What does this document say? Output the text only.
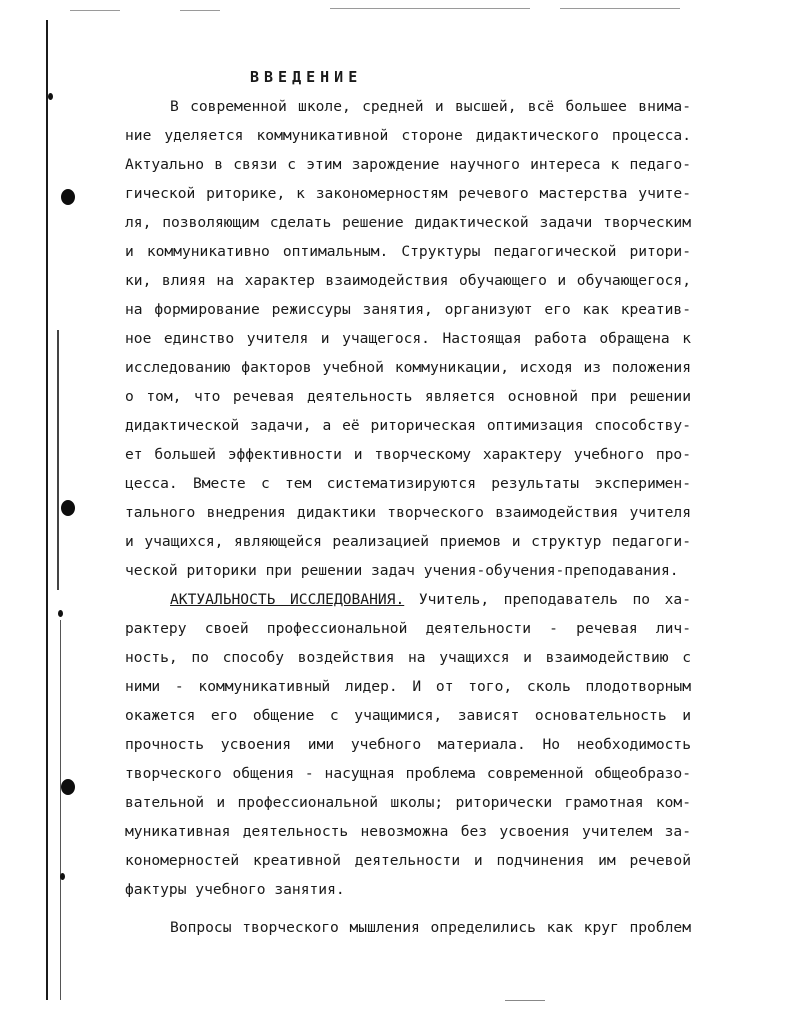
ВВЕДЕНИЕ
В современной школе, средней и высшей, всё большее внима-
ние уделяется коммуникативной стороне дидактического процесса.
Актуально в связи с этим зарождение научного интереса к педаго-
гической риторике, к закономерностям речевого мастерства учите-
ля, позволяющим сделать решение дидактической задачи творческим
и коммуникативно оптимальным. Структуры педагогической ритори-
ки, влияя на характер взаимодействия обучающего и обучающегося,
на формирование режиссуры занятия, организуют его как креатив-
ное единство учителя и учащегося. Настоящая работа обращена к
исследованию факторов учебной коммуникации, исходя из положения
о том, что речевая деятельность является основной при решении
дидактической задачи, а её риторическая оптимизация способству-
ет большей эффективности и творческому характеру учебного про-
цесса. Вместе с тем систематизируются результаты эксперимен-
тального внедрения дидактики творческого взаимодействия учителя
и учащихся, являющейся реализацией приемов и структур педагоги-
ческой риторики при решении задач учения-обучения-преподавания.
АКТУАЛЬНОСТЬ ИССЛЕДОВАНИЯ. Учитель, преподаватель по ха-
рактеру своей профессиональной деятельности - речевая лич-
ность, по способу воздействия на учащихся и взаимодействию с
ними - коммуникативный лидер. И от того, сколь плодотворным
окажется его общение с учащимися, зависят основательность и
прочность усвоения ими учебного материала. Но необходимость
творческого общения - насущная проблема современной общеобразо-
вательной и профессиональной школы; риторически грамотная ком-
муникативная деятельность невозможна без усвоения учителем за-
кономерностей креативной деятельности и подчинения им речевой
фактуры учебного занятия.
Вопросы творческого мышления определились как круг проблем
